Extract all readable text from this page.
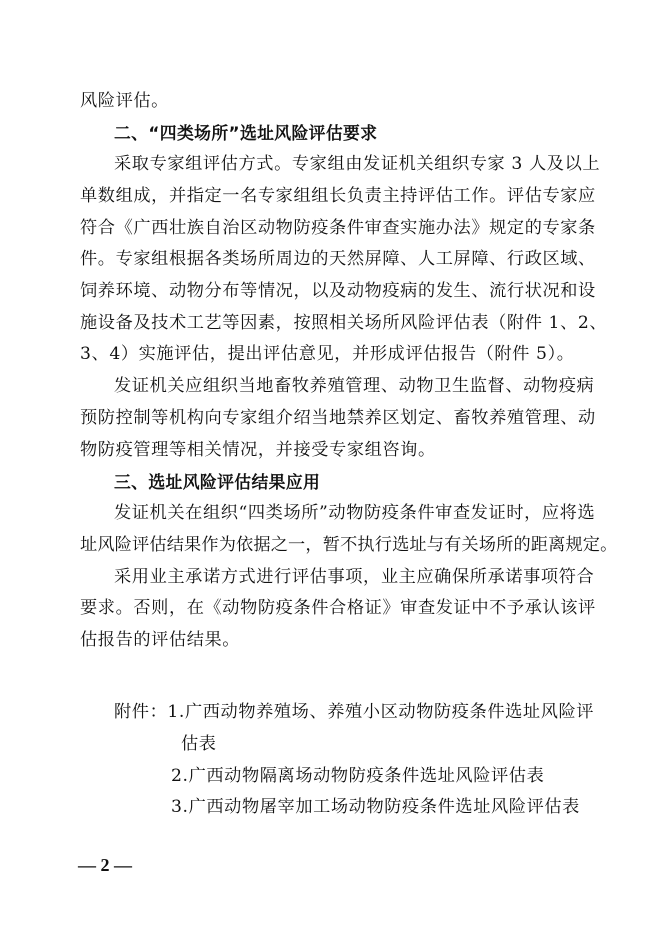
风险评估。
二、“四类场所”选址风险评估要求
采取专家组评估方式。专家组由发证机关组织专家 3 人及以上
单数组成，并指定一名专家组组长负责主持评估工作。评估专家应
符合《广西壮族自治区动物防疫条件审查实施办法》规定的专家条
件。专家组根据各类场所周边的天然屏障、人工屏障、行政区域、
饲养环境、动物分布等情况，以及动物疫病的发生、流行状况和设
施设备及技术工艺等因素，按照相关场所风险评估表（附件 1、2、
3、4）实施评估，提出评估意见，并形成评估报告（附件 5）。
发证机关应组织当地畜牧养殖管理、动物卫生监督、动物疫病
预防控制等机构向专家组介绍当地禁养区划定、畜牧养殖管理、动
物防疫管理等相关情况，并接受专家组咨询。
三、选址风险评估结果应用
发证机关在组织“四类场所”动物防疫条件审查发证时，应将选
址风险评估结果作为依据之一，暂不执行选址与有关场所的距离规定。
采用业主承诺方式进行评估事项，业主应确保所承诺事项符合
要求。否则，在《动物防疫条件合格证》审查发证中不予承认该评
估报告的评估结果。
附件：1.广西动物养殖场、养殖小区动物防疫条件选址风险评
估表
2.广西动物隔离场动物防疫条件选址风险评估表
3.广西动物屠宰加工场动物防疫条件选址风险评估表
— 2 —
